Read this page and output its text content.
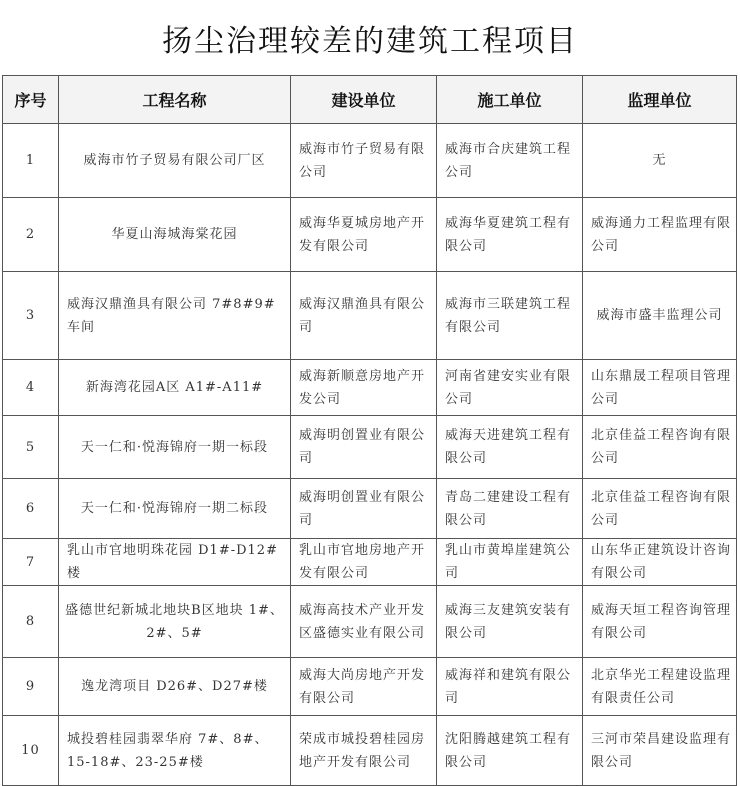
扬尘治理较差的建筑工程项目
序号	工程名称	建设单位	施工单位	监理单位
1	威海市竹子贸易有限公司厂区	威海市竹子贸易有限公司	威海市合庆建筑工程公司	无
2	华夏山海城海棠花园	威海华夏城房地产开发有限公司	威海华夏建筑工程有限公司	威海通力工程监理有限公司
3	威海汉鼎渔具有限公司 7#8#9#车间	威海汉鼎渔具有限公司	威海市三联建筑工程有限公司	威海市盛丰监理公司
4	新海湾花园A区 A1#-A11#	威海新顺意房地产开发公司	河南省建安实业有限公司	山东鼎晟工程项目管理公司
5	天一仁和·悦海锦府一期一标段	威海明创置业有限公司	威海天进建筑工程有限公司	北京佳益工程咨询有限公司
6	天一仁和·悦海锦府一期二标段	威海明创置业有限公司	青岛二建建设工程有限公司	北京佳益工程咨询有限公司
7	乳山市官地明珠花园 D1#-D12#楼	乳山市官地房地产开发有限公司	乳山市黄埠崖建筑公司	山东华正建筑设计咨询有限公司
8	盛德世纪新城北地块B区地块 1#、2#、5#	威海高技术产业开发区盛德实业有限公司	威海三友建筑安装有限公司	威海天垣工程咨询管理有限公司
9	逸龙湾项目 D26#、D27#楼	威海大尚房地产开发有限公司	威海祥和建筑有限公司	北京华光工程建设监理有限责任公司
10	城投碧桂园翡翠华府 7#、8#、15-18#、23-25#楼	荣成市城投碧桂园房地产开发有限公司	沈阳腾越建筑工程有限公司	三河市荣昌建设监理有限公司
